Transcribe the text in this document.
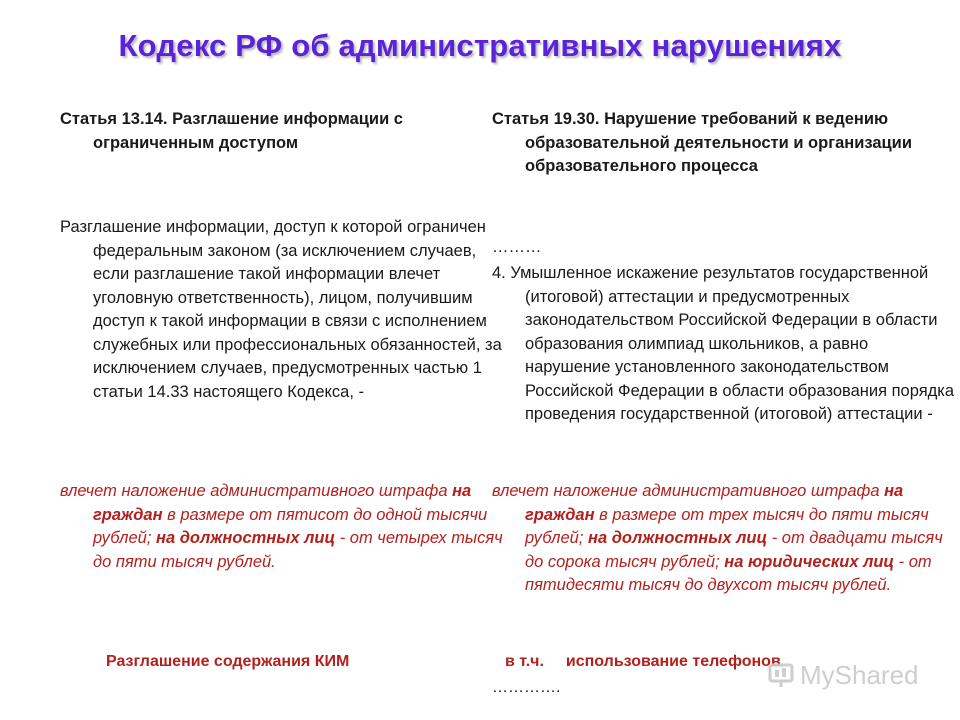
Кодекс РФ об административных нарушениях

Статья 13.14. Разглашение информации с ограниченным доступом

Разглашение информации, доступ к которой ограничен федеральным законом (за исключением случаев, если разглашение такой информации влечет уголовную ответственность), лицом, получившим доступ к такой информации в связи с исполнением служебных или профессиональных обязанностей, за исключением случаев, предусмотренных частью 1 статьи 14.33 настоящего Кодекса, -

влечет наложение административного штрафа на граждан в размере от пятисот до одной тысячи рублей; на должностных лиц - от четырех тысяч до пяти тысяч рублей.

Статья 19.30. Нарушение требований к ведению образовательной деятельности и организации образовательного процесса

………

4. Умышленное искажение результатов государственной (итоговой) аттестации и предусмотренных законодательством Российской Федерации в области образования олимпиад школьников, а равно нарушение установленного законодательством Российской Федерации в области образования порядка проведения государственной (итоговой) аттестации -

влечет наложение административного штрафа на граждан в размере от трех тысяч до пяти тысяч рублей; на должностных лиц - от двадцати тысяч до сорока тысяч рублей; на юридических лиц - от пятидесяти тысяч до двухсот тысяч рублей.

Разглашение содержания КИМ	в т.ч. использование телефонов
………….	MyShared
